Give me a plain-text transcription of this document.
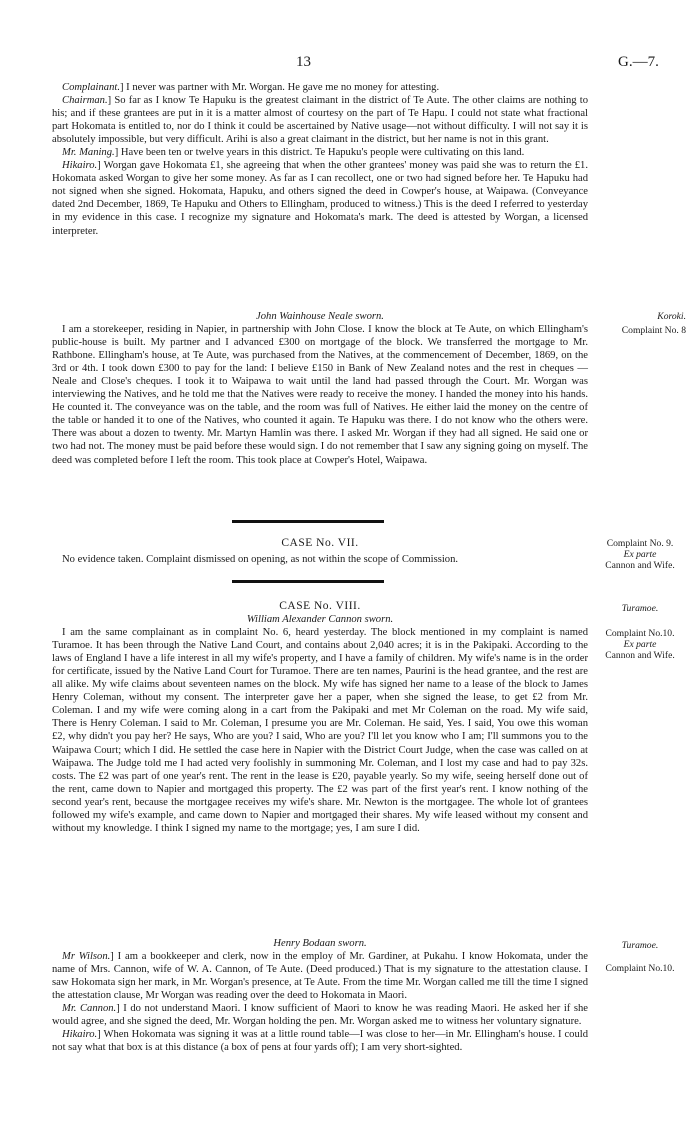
13	G.—7.

Complainant.] I never was partner with Mr. Worgan. He gave me no money for attesting.

Chairman.] So far as I know Te Hapuku is the greatest claimant in the district of Te Aute. The other claims are nothing to his; and if these grantees are put in it is a matter almost of courtesy on the part of Te Hapu. I could not state what fractional part Hokomata is entitled to, nor do I think it could be ascertained by Native usage—not without difficulty. I will not say it is absolutely impossible, but very difficult. Arihi is also a great claimant in the district, but her name is not in this grant.

Mr. Maning.] Have been ten or twelve years in this district. Te Hapuku's people were cultivating on this land.

Hikairo.] Worgan gave Hokomata £1, she agreeing that when the other grantees' money was paid she was to return the £1. Hokomata asked Worgan to give her some money. As far as I can recollect, one or two had signed before her. Te Hapuku had not signed when she signed. Hokomata, Hapuku, and others signed the deed in Cowper's house, at Waipawa. (Conveyance dated 2nd December, 1869, Te Hapuku and Others to Ellingham, produced to witness.) This is the deed I referred to yesterday in my evidence in this case. I recognize my signature and Hokomata's mark. The deed is attested by Worgan, a licensed interpreter.

John Wainhouse Neale sworn.

I am a storekeeper, residing in Napier, in partnership with John Close. I know the block at Te Aute, on which Ellingham's public-house is built. My partner and I advanced £300 on mortgage of the block. We transferred the mortgage to Mr. Rathbone. Ellingham's house, at Te Aute, was purchased from the Natives, at the commencement of December, 1869, on the 3rd or 4th. I took down £300 to pay for the land: I believe £150 in Bank of New Zealand notes and the rest in cheques —Neale and Close's cheques. I took it to Waipawa to wait until the land had passed through the Court. Mr. Worgan was interviewing the Natives, and he told me that the Natives were ready to receive the money. I handed the money into his hands. He counted it. The conveyance was on the table, and the room was full of Natives. He either laid the money on the centre of the table or handed it to one of the Natives, who counted it again. Te Hapuku was there. I do not know who the others were. There was about a dozen to twenty. Mr. Martyn Hamlin was there. I asked Mr. Worgan if they had all signed. He said one or two had not. The money must be paid before these would sign. I do not remember that I saw any signing going on myself. The deed was completed before I left the room. This took place at Cowper's Hotel, Waipawa.

CASE No. VII.

No evidence taken. Complaint dismissed on opening, as not within the scope of Commission.

CASE No. VIII.

William Alexander Cannon sworn.

I am the same complainant as in complaint No. 6, heard yesterday. The block mentioned in my complaint is named Turamoe. It has been through the Native Land Court, and contains about 2,040 acres; it is in the Pakipaki. According to the laws of England I have a life interest in all my wife's property, and I have a family of children. My wife's name is in the order for certificate, issued by the Native Land Court for Turamoe. There are ten names, Paurini is the head grantee, and the rest are all alike. My wife claims about seventeen names on the block. My wife has signed her name to a lease of the block to James Henry Coleman, without my consent. The interpreter gave her a paper, when she signed the lease, to get £2 from Mr. Coleman. I and my wife were coming along in a cart from the Pakipaki and met Mr Coleman on the road. My wife said, There is Henry Coleman. I said to Mr. Coleman, I presume you are Mr. Coleman. He said, Yes. I said, You owe this woman £2, why didn't you pay her? He says, Who are you? I said, Who are you? I'll let you know who I am; I'll summons you to the Waipawa Court; which I did. He settled the case here in Napier with the District Court Judge, when the case was called on at Waipawa. The Judge told me I had acted very foolishly in summoning Mr. Coleman, and I lost my case and had to pay 32s. costs. The £2 was part of one year's rent. The rent in the lease is £20, payable yearly. So my wife, seeing herself done out of the rent, came down to Napier and mortgaged this property. The £2 was part of the first year's rent. I know nothing of the second year's rent, because the mortgagee receives my wife's share. Mr. Newton is the mortgagee. The whole lot of grantees followed my wife's example, and came down to Napier and mortgaged their shares. My wife leased without my consent and without my knowledge. I think I signed my name to the mortgage; yes, I am sure I did.

Henry Bodaan sworn.

Mr Wilson.] I am a bookkeeper and clerk, now in the employ of Mr. Gardiner, at Pukahu. I know Hokomata, under the name of Mrs. Cannon, wife of W. A. Cannon, of Te Aute. (Deed produced.) That is my signature to the attestation clause. I saw Hokomata sign her mark, in Mr. Worgan's presence, at Te Aute. From the time Mr. Worgan called me till the time I signed the attestation clause, Mr Worgan was reading over the deed to Hokomata in Maori.

Mr. Cannon.] I do not understand Maori. I know sufficient of Maori to know he was reading Maori. He asked her if she would agree, and she signed the deed, Mr. Worgan holding the pen. Mr. Worgan asked me to witness her voluntary signature.

Hikairo.] When Hokomata was signing it was at a little round table—I was close to her—in Mr. Ellingham's house. I could not say what that box is at this distance (a box of pens at four yards off); I am very short-sighted.

Koroki.
Complaint No. 8
Complaint No. 9.
Ex parte
Cannon and Wife.
Turamoe.
Complaint No.10.
Ex parte
Cannon and Wife.
Turamoe.
Complaint No.10.
